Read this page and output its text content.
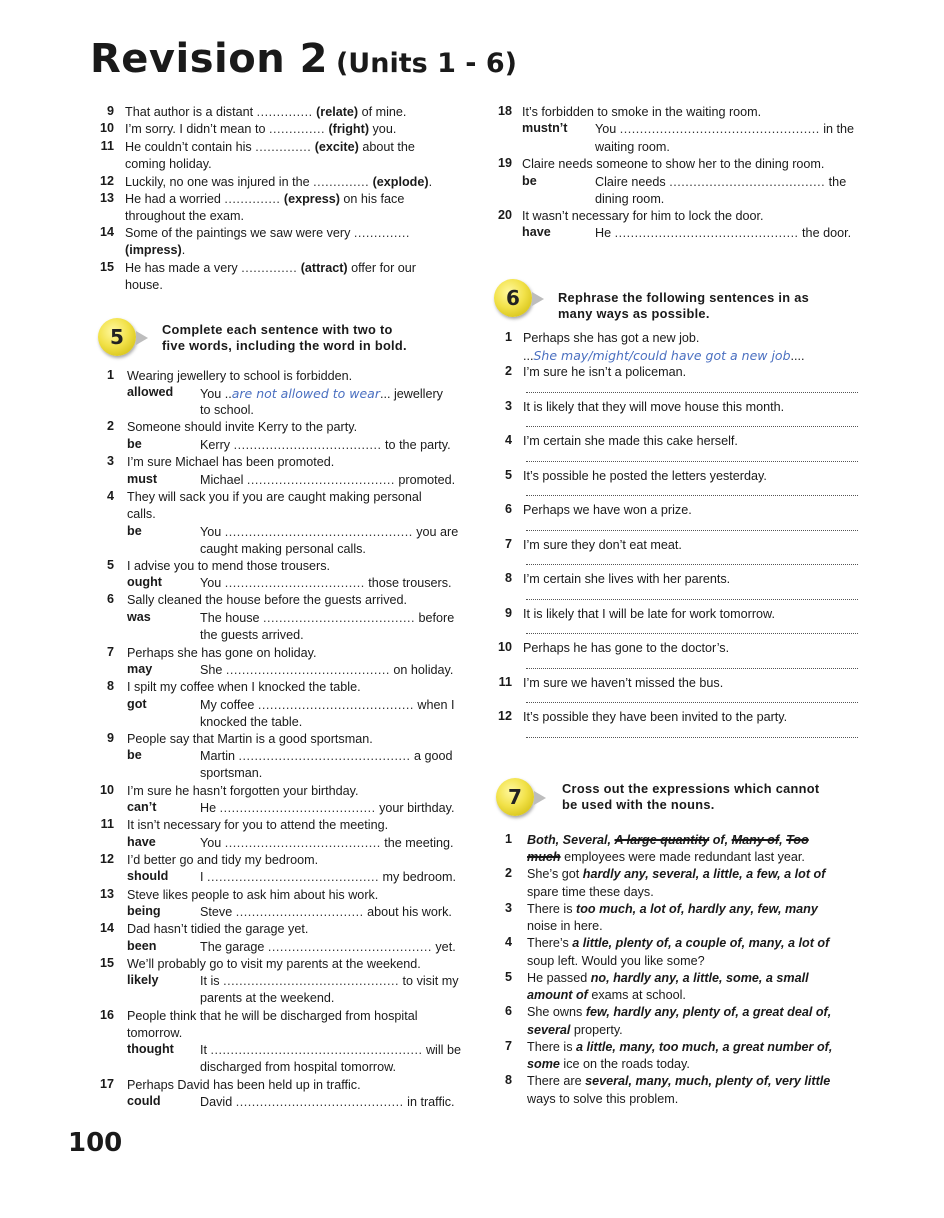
Revision 2 (Units 1 - 6)
9 That author is a distant .............. (relate) of mine.
10 I’m sorry. I didn’t mean to .............. (fright) you.
11 He couldn’t contain his .............. (excite) about the
coming holiday.
12 Luckily, no one was injured in the .............. (explode).
13 He had a worried .............. (express) on his face
throughout the exam.
14 Some of the paintings we saw were very ..............
(impress).
15 He has made a very .............. (attract) offer for our
house.
5	Complete each sentence with two to
five words, including the word in bold.
1 Wearing jewellery to school is forbidden.
allowed You ..are not allowed to wear... jewellery
to school.
2 Someone should invite Kerry to the party.
be	Kerry ..................................... to the party.
3 I’m sure Michael has been promoted.
must	Michael ..................................... promoted.
4 They will sack you if you are caught making personal
calls.
be	You ............................................... you are
caught making personal calls.
5 I advise you to mend those trousers.
ought	You ................................... those trousers.
6 Sally cleaned the house before the guests arrived.
was	The house ...................................... before
the guests arrived.
7 Perhaps she has gone on holiday.
may	She ......................................... on holiday.
8 I spilt my coffee when I knocked the table.
got	My coffee ....................................... when I
knocked the table.
9 People say that Martin is a good sportsman.
be	Martin ........................................... a good
sportsman.
10 I’m sure he hasn’t forgotten your birthday.
can’t	He ....................................... your birthday.
11 It isn’t necessary for you to attend the meeting.
have	You ....................................... the meeting.
12 I’d better go and tidy my bedroom.
should	I ........................................... my bedroom.
13 Steve likes people to ask him about his work.
being	Steve ................................ about his work.
14 Dad hasn’t tidied the garage yet.
been	The garage ......................................... yet.
15 We’ll probably go to visit my parents at the weekend.
likely	It is ............................................ to visit my
parents at the weekend.
16 People think that he will be discharged from hospital
tomorrow.
thought It ..................................................... will be
discharged from hospital tomorrow.
17 Perhaps David has been held up in traffic.
could	David .......................................... in traffic.
18 It’s forbidden to smoke in the waiting room.
mustn’t You .................................................. in the
waiting room.
19 Claire needs someone to show her to the dining room.
be	Claire needs ....................................... the
dining room.
20 It wasn’t necessary for him to lock the door.
have	He .............................................. the door.
6	Rephrase the following sentences in as
many ways as possible.
1 Perhaps she has got a new job.
...She may/might/could have got a new job....
2 I’m sure he isn’t a policeman.
3 It is likely that they will move house this month.
4 I’m certain she made this cake herself.
5 It’s possible he posted the letters yesterday.
6 Perhaps we have won a prize.
7 I’m sure they don’t eat meat.
8 I’m certain she lives with her parents.
9 It is likely that I will be late for work tomorrow.
10 Perhaps he has gone to the doctor’s.
11 I’m sure we haven’t missed the bus.
12 It’s possible they have been invited to the party.
7	Cross out the expressions which cannot
be used with the nouns.
1 Both, Several, A large quantity of, Many of, Too
much employees were made redundant last year.
2 She’s got hardly any, several, a little, a few, a lot of
spare time these days.
3 There is too much, a lot of, hardly any, few, many
noise in here.
4 There’s a little, plenty of, a couple of, many, a lot of
soup left. Would you like some?
5 He passed no, hardly any, a little, some, a small
amount of exams at school.
6 She owns few, hardly any, plenty of, a great deal of,
several property.
7 There is a little, many, too much, a great number of,
some ice on the roads today.
8 There are several, many, much, plenty of, very little
ways to solve this problem.
100
